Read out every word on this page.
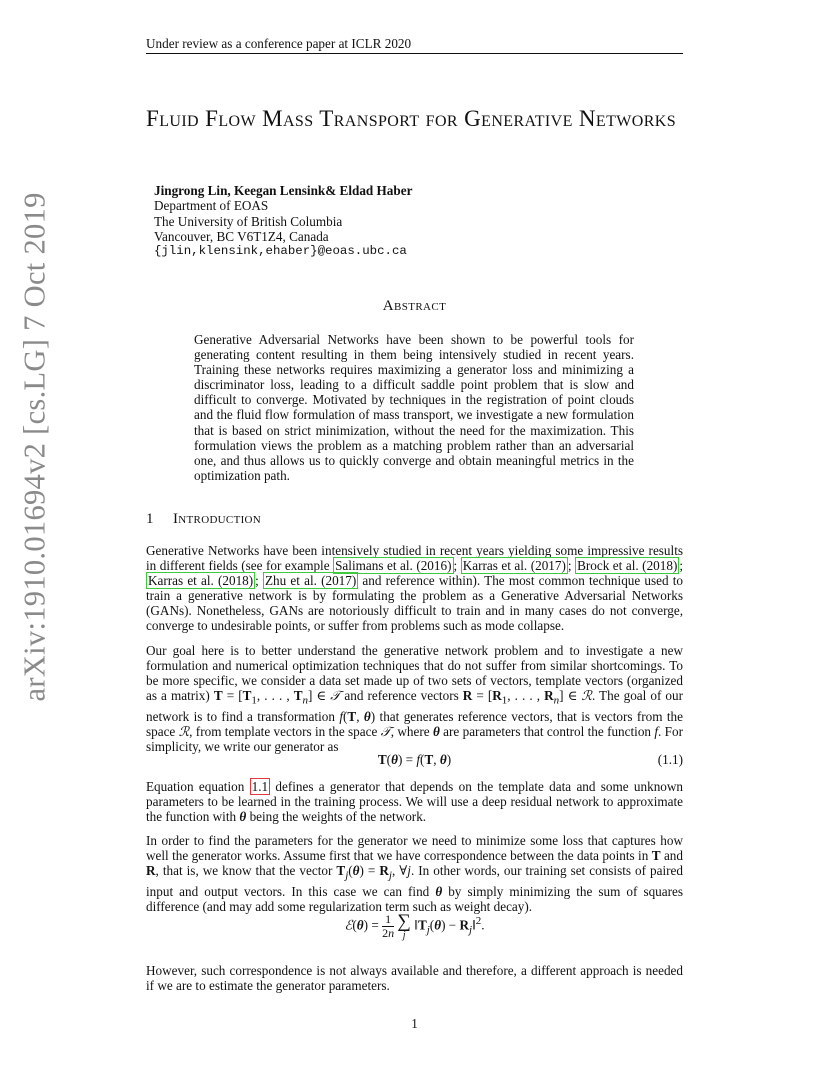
Under review as a conference paper at ICLR 2020
arXiv:1910.01694v2 [cs.LG] 7 Oct 2019
Fluid Flow Mass Transport for Generative Networks
Jingrong Lin, Keegan Lensink& Eldad Haber
Department of EOAS
The University of British Columbia
Vancouver, BC V6T1Z4, Canada
{jlin,klensink,ehaber}@eoas.ubc.ca
Abstract
Generative Adversarial Networks have been shown to be powerful tools for generating content resulting in them being intensively studied in recent years. Training these networks requires maximizing a generator loss and minimizing a discriminator loss, leading to a difficult saddle point problem that is slow and difficult to converge. Motivated by techniques in the registration of point clouds and the fluid flow formulation of mass transport, we investigate a new formulation that is based on strict minimization, without the need for the maximization. This formulation views the problem as a matching problem rather than an adversarial one, and thus allows us to quickly converge and obtain meaningful metrics in the optimization path.
1 Introduction
Generative Networks have been intensively studied in recent years yielding some impressive results in different fields (see for example Salimans et al. (2016) ; Karras et al. (2017) ; Brock et al. (2018) ; Karras et al. (2018) ; Zhu et al. (2017) and reference within). The most common technique used to train a generative network is by formulating the problem as a Generative Adversarial Networks (GANs). Nonetheless, GANs are notoriously difficult to train and in many cases do not converge, converge to undesirable points, or suffer from problems such as mode collapse.
Our goal here is to better understand the generative network problem and to investigate a new formulation and numerical optimization techniques that do not suffer from similar shortcomings. To be more specific, we consider a data set made up of two sets of vectors, template vectors (organized as a matrix) $T = [T_1$, . . . , $T_n$] ∈ 𝒯 and reference vectors $R = [R_1$, . . . , $R_n$] ∈ ℛ. The goal of our network is to find a transformation f(T, θ) that generates reference vectors, that is vectors from the space ℛ, from template vectors in the space 𝒯, where θ are parameters that control the function f. For simplicity, we write our generator as
T(θ) = f(T, θ)	(1.1)
Equation equation 1.1 defines a generator that depends on the template data and some unknown parameters to be learned in the training process. We will use a deep residual network to approximate the function with θ being the weights of the network.
In order to find the parameters for the generator we need to minimize some loss that captures how well the generator works. Assume first that we have correspondence between the data points in T and R, that is, we know that the vector $T_j(\theta) = R_j$, ∀j. In other words, our training set consists of paired input and output vectors. In this case we can find θ by simply minimizing the sum of squares difference (and may add some regularization term such as weight decay).
ℰ(θ) = $\frac{1}{2n}$ ∑
j
$‖T_j(\theta)$ − $R_j‖^2$.
However, such correspondence is not always available and therefore, a different approach is needed if we are to estimate the generator parameters.
1
